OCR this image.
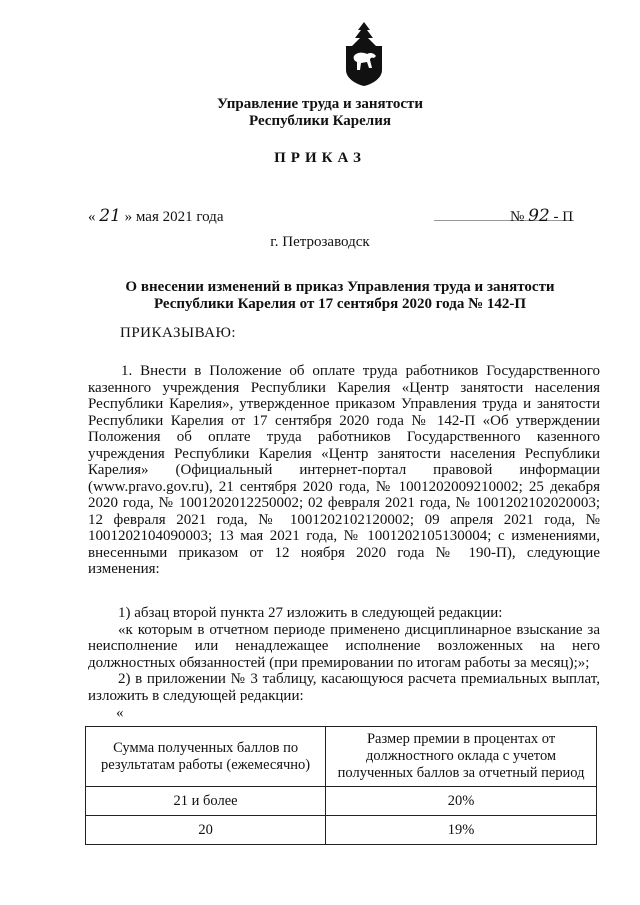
Управление труда и занятости
Республики Карелия
ПРИКАЗ
« 21 » мая 2021 года	№ 92 - П
г. Петрозаводск
О внесении изменений в приказ Управления труда и занятости
Республики Карелия от 17 сентября 2020 года № 142-П
ПРИКАЗЫВАЮ:
1. Внести в Положение об оплате труда работников Государственного казенного учреждения Республики Карелия «Центр занятости населения Республики Карелия», утвержденное приказом Управления труда и занятости Республики Карелия от 17 сентября 2020 года № 142-П «Об утверждении Положения об оплате труда работников Государственного казенного учреждения Республики Карелия «Центр занятости населения Республики Карелия» (Официальный интернет-портал правовой информации (www.pravo.gov.ru), 21 сентября 2020 года, № 1001202009210002; 25 декабря 2020 года, № 1001202012250002; 02 февраля 2021 года, № 1001202102020003; 12 февраля 2021 года, № 1001202102120002; 09 апреля 2021 года, № 1001202104090003; 13 мая 2021 года, № 1001202105130004; с изменениями, внесенными приказом от 12 ноября 2020 года № 190-П), следующие изменения:
1) абзац второй пункта 27 изложить в следующей редакции:
«к которым в отчетном периоде применено дисциплинарное взыскание за неисполнение или ненадлежащее исполнение возложенных на него должностных обязанностей (при премировании по итогам работы за месяц);»;
2) в приложении № 3 таблицу, касающуюся расчета премиальных выплат, изложить в следующей редакции:
«
Сумма полученных баллов по результатам работы (ежемесячно)	Размер премии в процентах от должностного оклада с учетом полученных баллов за отчетный период
21 и более	20%
20	19%
